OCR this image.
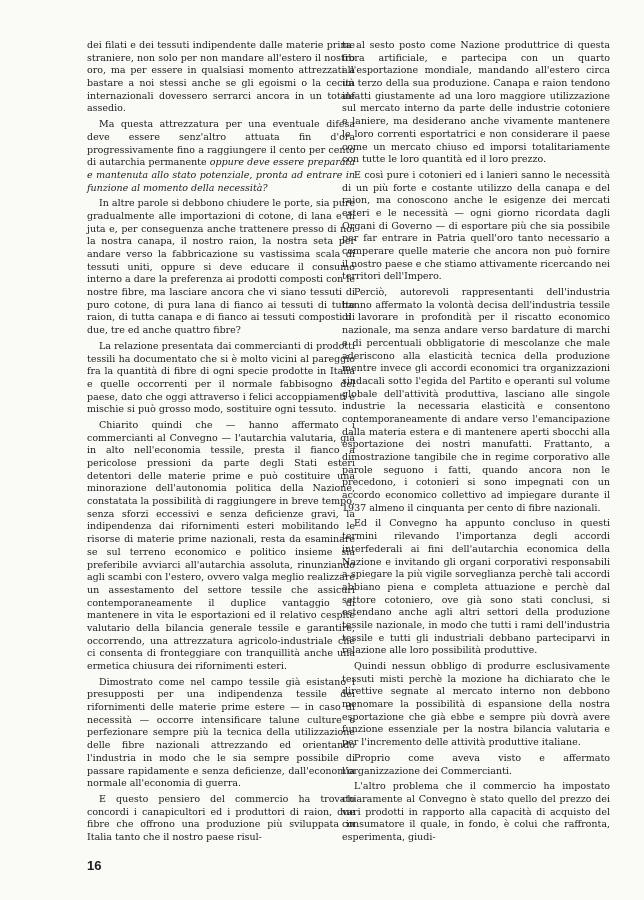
dei filati e dei tessuti indipendente dalle materie prime straniere, non solo per non mandare all'estero il nostro oro, ma per essere in qualsiasi momento attrezzati a bastare a noi stessi anche se gli egoismi o la cecità internazionali dovessero serrarci ancora in un totale assedio.

Ma questa attrezzatura per una eventuale difesa deve essere senz'altro attuata fin d'ora progressivamente fino a raggiungere il cento per cento di autarchia permanente oppure deve essere preparata e mantenuta allo stato potenziale, pronta ad entrare in funzione al momento della necessità?

In altre parole si debbono chiudere le porte, sia pure gradualmente alle importazioni di cotone, di lana e di juta e, per conseguenza anche trattenere presso di noi la nostra canapa, il nostro raion, la nostra seta per andare verso la fabbricazione su vastissima scala di tessuti uniti, oppure si deve educare il consumo interno a dare la preferenza ai prodotti composti con le nostre fibre, ma lasciare ancora che vi siano tessuti di puro cotone, di pura lana di fianco ai tessuti di tutto raion, di tutta canapa e di fianco ai tessuti composti di due, tre ed anche quattro fibre?

La relazione presentata dai commercianti di prodotti tessili ha documentato che si è molto vicini al pareggio fra la quantità di fibre di ogni specie prodotte in Italia e quelle occorrenti per il normale fabbisogno del paese, dato che oggi attraverso i felici accoppiamenti e mischie si può grosso modo, sostituire ogni tessuto.

Chiarito quindi che — hanno affermato i commercianti al Convegno — l'autarchia valutaria, già in alto nell'economia tessile, presta il fianco a pericolose pressioni da parte degli Stati esteri detentori delle materie prime e può costituire una minorazione dell'autonomia politica della Nazione, constatata la possibilità di raggiungere in breve tempo, senza sforzi eccessivi e senza deficienze gravi, la indipendenza dai rifornimenti esteri mobilitando le risorse di materie prime nazionali, resta da esaminare se sul terreno economico e politico insieme sia preferibile avviarci all'autarchia assoluta, rinunziando agli scambi con l'estero, ovvero valga meglio realizzare un assestamento del settore tessile che assicuri contemporaneamente il duplice vantaggio di mantenere in vita le esportazioni ed il relativo cespite valutario della bilancia generale tessile e garantire, occorrendo, una attrezzatura agricolo-industriale che ci consenta di fronteggiare con tranquillità anche una ermetica chiusura dei rifornimenti esteri.

Dimostrato come nel campo tessile già esistano i presupposti per una indipendenza tessile dei rifornimenti delle materie prime estere — in caso di necessità — occorre intensificare talune culture e perfezionare sempre più la tecnica della utilizzazione delle fibre nazionali attrezzando ed orientando l'industria in modo che le sia sempre possibile di passare rapidamente e senza deficienze, dall'economia normale all'economia di guerra.

E questo pensiero del commercio ha trovato concordi i canapicultori ed i produttori di raion, due fibre che offrono una produzione più sviluppata in Italia tanto che il nostro paese risul-

ta al sesto posto come Nazione produttrice di questa fibra artificiale, e partecipa con un quarto all'esportazione mondiale, mandando all'estero circa un terzo della sua produzione. Canapa e raion tendono infatti giustamente ad una loro maggiore utilizzazione sul mercato interno da parte delle industrie cotoniere e laniere, ma desiderano anche vivamente mantenere le loro correnti esportatrici e non considerare il paese come un mercato chiuso ed imporsi totalitariamente con tutte le loro quantità ed il loro prezzo.

E così pure i cotonieri ed i lanieri sanno le necessità di un più forte e costante utilizzo della canapa e del raion, ma conoscono anche le esigenze dei mercati esteri e le necessità — ogni giorno ricordata dagli Organi di Governo — di esportare più che sia possibile per far entrare in Patria quell'oro tanto necessario a comperare quelle materie che ancora non può fornire il nostro paese e che stiamo attivamente ricercando nei territori dell'Impero.

Perciò, autorevoli rappresentanti dell'industria hanno affermato la volontà decisa dell'industria tessile di lavorare in profondità per il riscatto economico nazionale, ma senza andare verso bardature di marchi e di percentuali obbligatorie di mescolanze che male aderiscono alla elasticità tecnica della produzione mentre invece gli accordi economici tra organizzazioni sindacali sotto l'egida del Partito e operanti sul volume globale dell'attività produttiva, lasciano alle singole industrie la necessaria elasticità e consentono contemporaneamente di andare verso l'emancipazione dalla materia estera e di mantenere aperti sbocchi alla esportazione dei nostri manufatti. Frattanto, a dimostrazione tangibile che in regime corporativo alle parole seguono i fatti, quando ancora non le precedono, i cotonieri si sono impegnati con un accordo economico collettivo ad impiegare durante il 1937 almeno il cinquanta per cento di fibre nazionali.

Ed il Convegno ha appunto concluso in questi termini rilevando l'importanza degli accordi interfederali ai fini dell'autarchia economica della Nazione e invitando gli organi corporativi responsabili a spiegare la più vigile sorveglianza perchè tali accordi abbiano piena e completa attuazione e perchè dal settore cotoniero, ove già sono stati conclusi, si estendano anche agli altri settori della produzione tessile nazionale, in modo che tutti i rami dell'industria tessile e tutti gli industriali debbano parteciparvi in relazione alle loro possibilità produttive.

Quindi nessun obbligo di produrre esclusivamente tessuti misti perchè la mozione ha dichiarato che le direttive segnate al mercato interno non debbono menomare la possibilità di espansione della nostra esportazione che già ebbe e sempre più dovrà avere funzione essenziale per la nostra bilancia valutaria e per l'incremento delle attività produttive italiane.

Proprio come aveva visto e affermato l'organizzazione dei Commercianti.

L'altro problema che il commercio ha impostato chiaramente al Convegno è stato quello del prezzo dei vari prodotti in rapporto alla capacità di acquisto del consumatore il quale, in fondo, è colui che raffronta, esperimenta, giudi-

16
